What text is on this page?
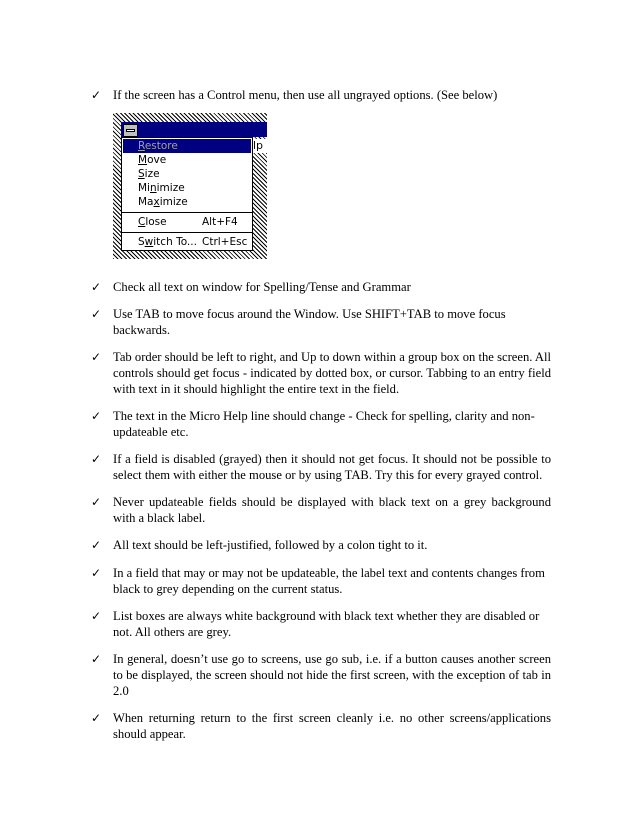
✓ If the screen has a Control menu, then use all ungrayed options. (See below)
lp
Restore
Move
Size
Minimize
Maximize
Close	Alt+F4
Switch To... Ctrl+Esc
✓ Check all text on window for Spelling/Tense and Grammar
✓ Use TAB to move focus around the Window. Use SHIFT+TAB to move focus backwards.
✓ Tab order should be left to right, and Up to down within a group box on the screen. All controls should get focus - indicated by dotted box, or cursor. Tabbing to an entry field with text in it should highlight the entire text in the field.
✓ The text in the Micro Help line should change - Check for spelling, clarity and non-updateable etc.
✓ If a field is disabled (grayed) then it should not get focus. It should not be possible to select them with either the mouse or by using TAB. Try this for every grayed control.
✓ Never updateable fields should be displayed with black text on a grey background with a black label.
✓ All text should be left-justified, followed by a colon tight to it.
✓ In a field that may or may not be updateable, the label text and contents changes from black to grey depending on the current status.
✓ List boxes are always white background with black text whether they are disabled or not. All others are grey.
✓ In general, doesn’t use go to screens, use go sub, i.e. if a button causes another screen to be displayed, the screen should not hide the first screen, with the exception of tab in 2.0
✓ When returning return to the first screen cleanly i.e. no other screens/applications should appear.
